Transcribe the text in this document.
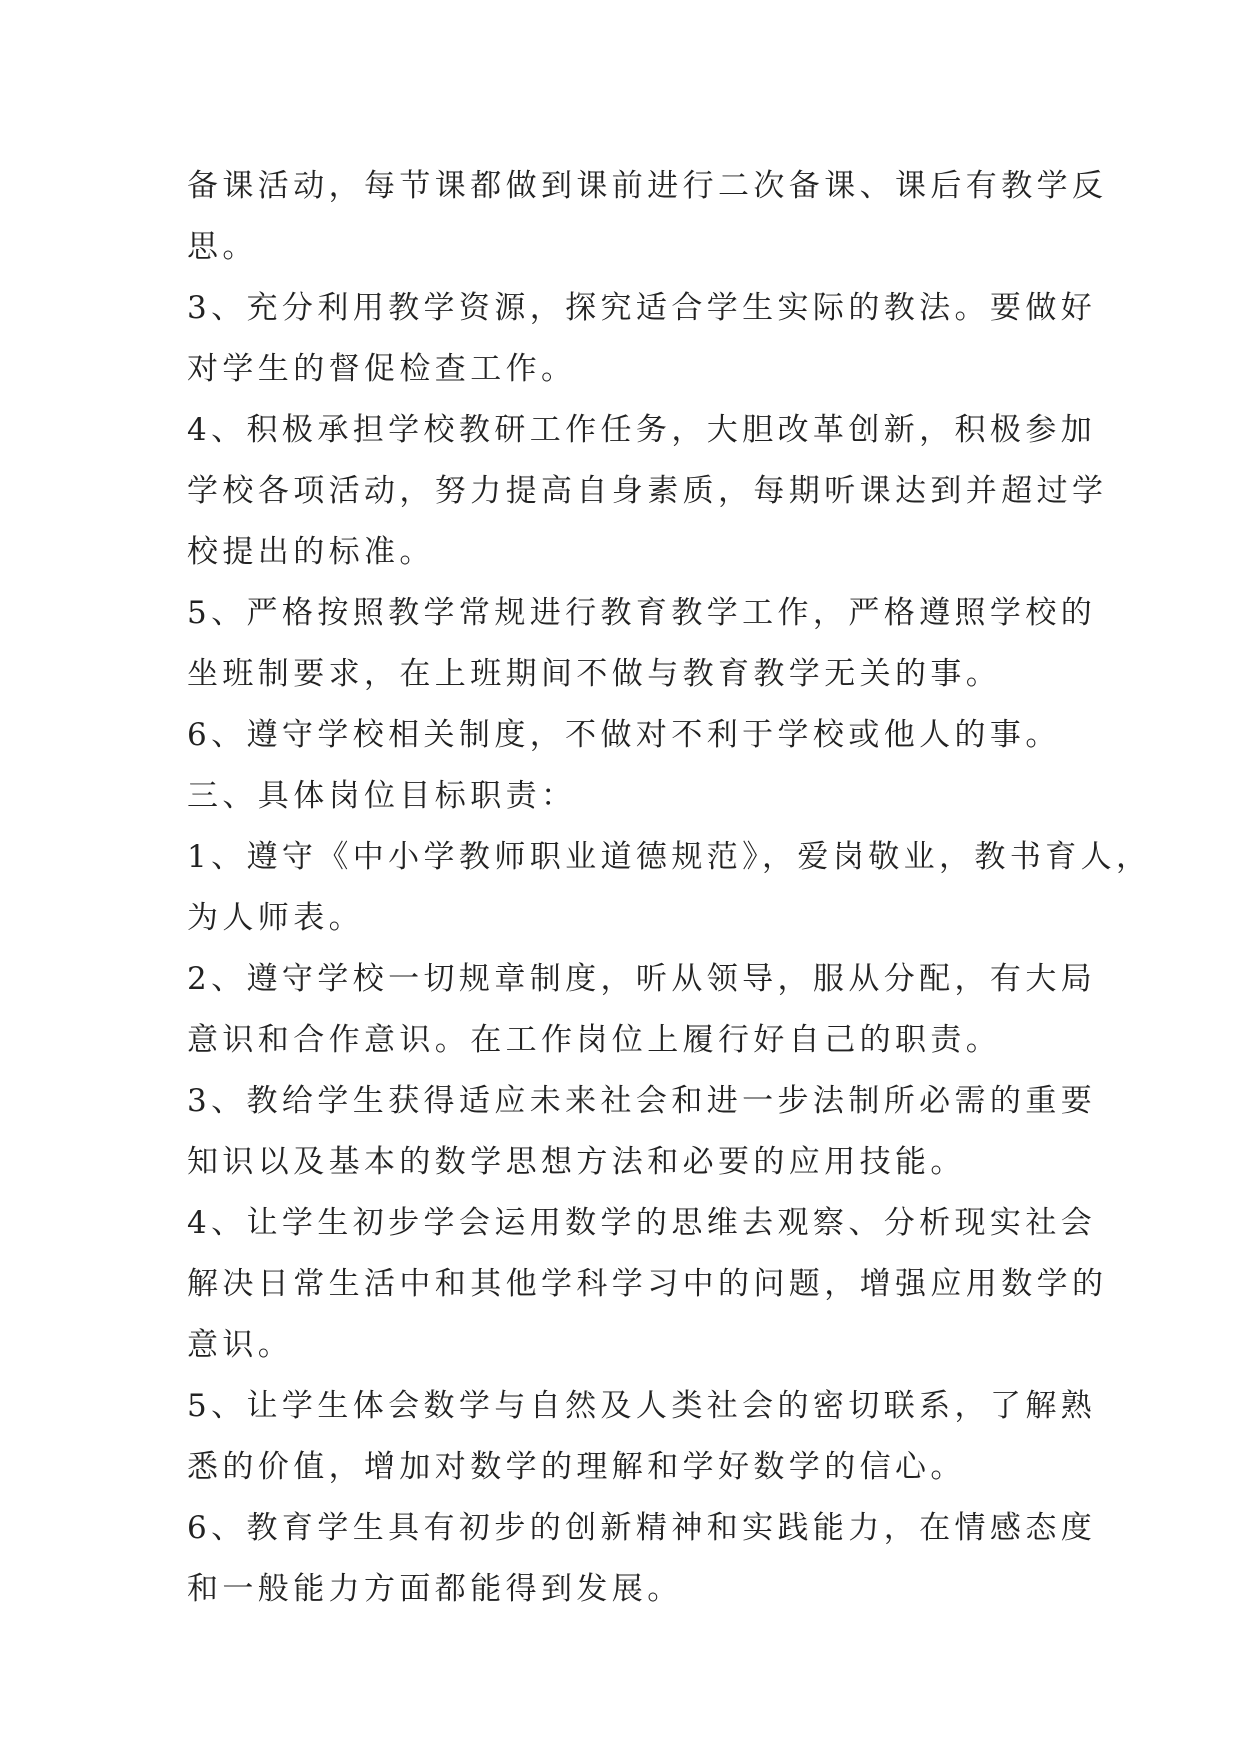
备课活动，每节课都做到课前进行二次备课、课后有教学反

思。

3、充分利用教学资源，探究适合学生实际的教法。要做好

对学生的督促检查工作。

4、积极承担学校教研工作任务，大胆改革创新，积极参加

学校各项活动，努力提高自身素质，每期听课达到并超过学

校提出的标准。

5、严格按照教学常规进行教育教学工作，严格遵照学校的

坐班制要求，在上班期间不做与教育教学无关的事。

6、遵守学校相关制度，不做对不利于学校或他人的事。

三、具体岗位目标职责：

1、遵守《中小学教师职业道德规范》，爱岗敬业，教书育人，

为人师表。

2、遵守学校一切规章制度，听从领导，服从分配，有大局

意识和合作意识。在工作岗位上履行好自己的职责。

3、教给学生获得适应未来社会和进一步法制所必需的重要

知识以及基本的数学思想方法和必要的应用技能。

4、让学生初步学会运用数学的思维去观察、分析现实社会

解决日常生活中和其他学科学习中的问题，增强应用数学的

意识。

5、让学生体会数学与自然及人类社会的密切联系，了解熟

悉的价值，增加对数学的理解和学好数学的信心。

6、教育学生具有初步的创新精神和实践能力，在情感态度

和一般能力方面都能得到发展。
